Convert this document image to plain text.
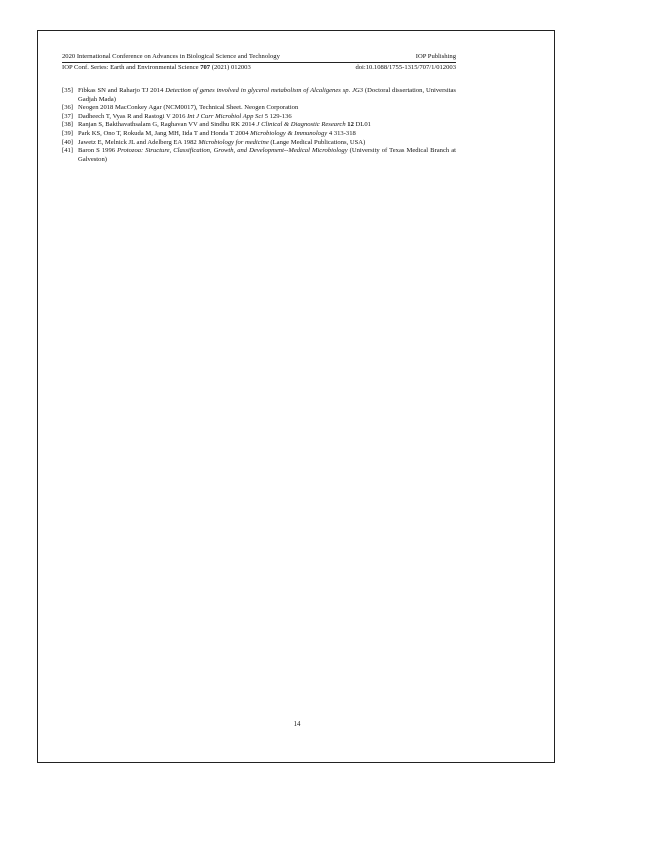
14
2020 International Conference on Advances in Biological Science and Technology	IOP Publishing
IOP Conf. Series: Earth and Environmental Science 707 (2021) 012003	doi:10.1088/1755-1315/707/1/012003
[35] Fibkas SN and Raharjo TJ 2014 Detection of genes involved in glycerol metabolism of Alcaligenes sp. JG3 (Doctoral dissertation, Universitas Gadjah Mada)
[36] Neogen 2018 MacConkey Agar (NCM0017), Technical Sheet. Neogen Corporation
[37] Dadheech T, Vyas R and Rastogi V 2016 Int J Curr Microbiol App Sci 5 129-136
[38] Ranjan S, Bakthavathsalam G, Raghavan VV and Sindhu RK 2014 J Clinical & Diagnostic Research 12 DL01
[39] Park KS, Ono T, Rokuda M, Jang MH, Iida T and Honda T 2004 Microbiology & Immunology 4 313-318
[40] Jawetz E, Melnick JL and Adelberg EA 1982 Microbiology for medicine (Lange Medical Publications, USA)
[41] Baron S 1996 Protozoa: Structure, Classification, Growth, and Development--Medical Microbiology (University of Texas Medical Branch at Galveston)
